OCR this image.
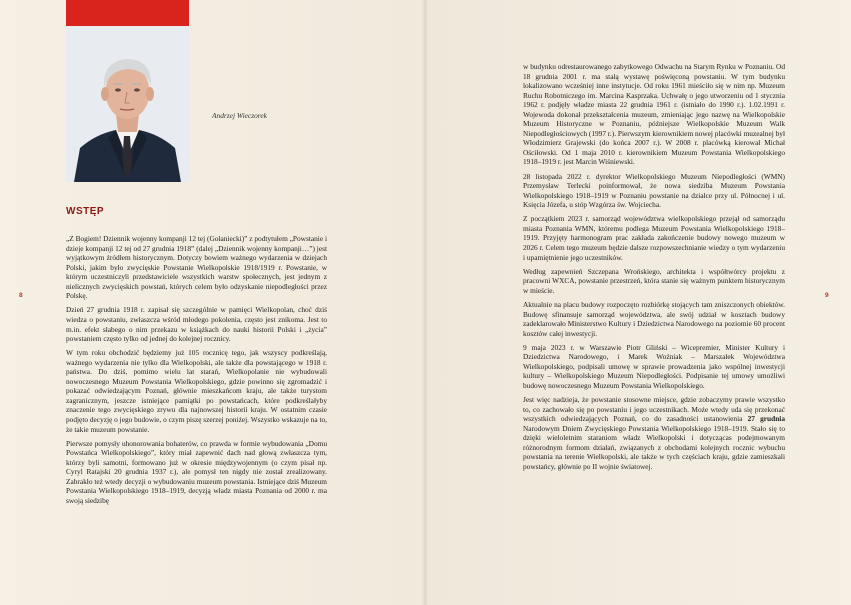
Andrzej Wieczorek
WSTĘP

„Z Bogiem! Dziennik wojenny kompanji 12 tej (Gołaniecki)” z podtytułem „Powstanie i dzieje kompanji 12 tej od 27 grudnia 1918” (dalej „Dziennik wojenny kompanji…”) jest wyjątkowym źródłem historycznym. Dotyczy bowiem ważnego wydarzenia w dziejach Polski, jakim było zwycięskie Powstanie Wielkopolskie 1918/1919 r. Powstanie, w którym uczestniczyli przedstawiciele wszystkich warstw społecznych, jest jednym z nielicznych zwycięskich powstań, których celem było odzyskanie niepodległości przez Polskę.

Dzień 27 grudnia 1918 r. zapisał się szczególnie w pamięci Wielkopolan, choć dziś wiedza o powstaniu, zwłaszcza wśród młodego pokolenia, często jest znikoma. Jest to m.in. efekt słabego o nim przekazu w książkach do nauki historii Polski i „życia” powstaniem często tylko od jednej do kolejnej rocznicy.

W tym roku obchodzić będziemy już 105 rocznicę tego, jak wszyscy podkreślają, ważnego wydarzenia nie tylko dla Wielkopolski, ale także dla powstającego w 1918 r. państwa. Do dziś, pomimo wielu lat starań, Wielkopolanie nie wybudowali nowoczesnego Muzeum Powstania Wielkopolskiego, gdzie powinno się zgromadzić i pokazać odwiedzającym Poznań, głównie mieszkańcom kraju, ale także turystom zagranicznym, jeszcze istniejące pamiątki po powstańcach, które podkreślałyby znaczenie tego zwycięskiego zrywu dla najnowszej historii kraju. W ostatnim czasie podjęto decyzję o jego budowie, o czym piszę szerzej poniżej. Wszystko wskazuje na to, że takie muzeum powstanie.

Pierwsze pomysły uhonorowania bohaterów, co prawda w formie wybudowania „Domu Powstańca Wielkopolskiego”, który miał zapewnić dach nad głową zwłaszcza tym, którzy byli samotni, formowano już w okresie międzywojennym (o czym pisał np. Cyryl Ratajski 20 grudnia 1937 r.), ale pomysł ten nigdy nie został zrealizowany. Zabrakło też wtedy decyzji o wybudowaniu muzeum powstania. Istniejące dziś Muzeum Powstania Wielkopolskiego 1918–1919, decyzją władz miasta Poznania od 2000 r. ma swoją siedzibę

8

w budynku odrestaurowanego zabytkowego Odwachu na Starym Rynku w Poznaniu. Od 18 grudnia 2001 r. ma stałą wystawę poświęconą powstaniu. W tym budynku lokalizowano wcześniej inne instytucje. Od roku 1961 mieściło się w nim np. Muzeum Ruchu Robotniczego im. Marcina Kasprzaka. Uchwałę o jego utworzeniu od 1 stycznia 1962 r. podjęły władze miasta 22 grudnia 1961 r. (istniało do 1990 r.). 1.02.1991 r. Wojewoda dokonał przekształcenia muzeum, zmieniając jego nazwę na Wielkopolskie Muzeum Historyczne w Poznaniu, późniejsze Wielkopolskie Muzeum Walk Niepodległościowych (1997 r.). Pierwszym kierownikiem nowej placówki muzealnej był Włodzimierz Grajewski (do końca 2007 r.). W 2008 r. placówką kierował Michał Ościłowski. Od 1 maja 2010 r. kierownikiem Muzeum Powstania Wielkopolskiego 1918–1919 r. jest Marcin Wiśniewski.

28 listopada 2022 r. dyrektor Wielkopolskiego Muzeum Niepodległości (WMN) Przemysław Terlecki poinformował, że nowa siedziba Muzeum Powstania Wielkopolskiego 1918–1919 w Poznaniu powstanie na działce przy ul. Północnej i ul. Księcia Józefa, u stóp Wzgórza św. Wojciecha.

Z początkiem 2023 r. samorząd województwa wielkopolskiego przejął od samorządu miasta Poznania WMN, któremu podlega Muzeum Powstania Wielkopolskiego 1918–1919. Przyjęty harmonogram prac zakłada zakończenie budowy nowego muzeum w 2026 r. Celem tego muzeum będzie dalsze rozpowszechnianie wiedzy o tym wydarzeniu i upamiętnienie jego uczestników.

Według zapewnień Szczepana Wrońskiego, architekta i współtwórcy projektu z pracowni WXCA, powstanie przestrzeń, która stanie się ważnym punktem historycznym w mieście.

Aktualnie na placu budowy rozpoczęto rozbiórkę stojących tam zniszczonych obiektów. Budowę sfinansuje samorząd województwa, ale swój udział w kosztach budowy zadeklarowało Ministerstwo Kultury i Dziedzictwa Narodowego na poziomie 60 procent kosztów całej inwestycji.

9 maja 2023 r. w Warszawie Piotr Gliński – Wicepremier, Minister Kultury i Dziedzictwa Narodowego, i Marek Woźniak – Marszałek Województwa Wielkopolskiego, podpisali umowę w sprawie prowadzenia jako wspólnej inwestycji kultury – Wielkopolskiego Muzeum Niepodległości. Podpisanie tej umowy umożliwi budowę nowoczesnego Muzeum Powstania Wielkopolskiego.

Jest więc nadzieja, że powstanie stosowne miejsce, gdzie zobaczymy prawie wszystko to, co zachowało się po powstaniu i jego uczestnikach. Może wtedy uda się przekonać wszystkich odwiedzających Poznań, co do zasadności ustanowienia 27 grudnia Narodowym Dniem Zwycięskiego Powstania Wielkopolskiego 1918–1919. Stało się to dzięki wieloletnim staraniom władz Wielkopolski i dotyczącas podejmowanym różnorodnym formom działań, związanych z obchodami kolejnych rocznic wybuchu powstania na terenie Wielkopolski, ale także w tych częściach kraju, gdzie zamieszkali powstańcy, głównie po II wojnie światowej.

9
